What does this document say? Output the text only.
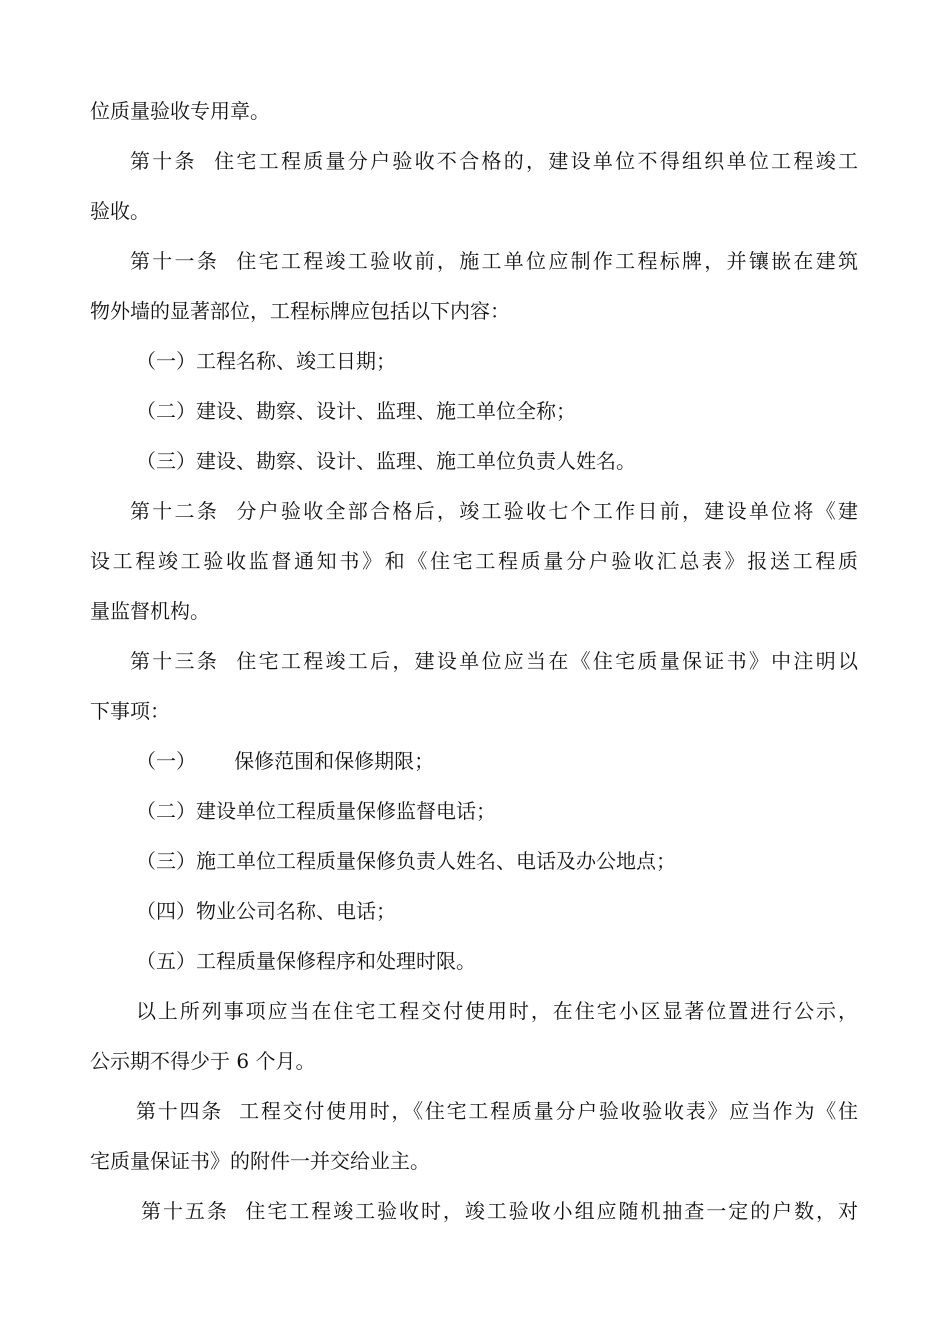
位质量验收专用章。
第十条  住宅工程质量分户验收不合格的，建设单位不得组织单位工程竣工
验收。
第十一条  住宅工程竣工验收前，施工单位应制作工程标牌，并镶嵌在建筑
物外墙的显著部位，工程标牌应包括以下内容：
（一）工程名称、竣工日期；
（二）建设、勘察、设计、监理、施工单位全称；
（三）建设、勘察、设计、监理、施工单位负责人姓名。
第十二条  分户验收全部合格后，竣工验收七个工作日前，建设单位将《建
设工程竣工验收监督通知书》和《住宅工程质量分户验收汇总表》报送工程质
量监督机构。
第十三条  住宅工程竣工后，建设单位应当在《住宅质量保证书》中注明以
下事项：
（一）      保修范围和保修期限；
（二）建设单位工程质量保修监督电话；
（三）施工单位工程质量保修负责人姓名、电话及办公地点；
（四）物业公司名称、电话；
（五）工程质量保修程序和处理时限。
以上所列事项应当在住宅工程交付使用时，在住宅小区显著位置进行公示，
公示期不得少于 6 个月。
第十四条  工程交付使用时，《住宅工程质量分户验收验收表》应当作为《住
宅质量保证书》的附件一并交给业主。
第十五条  住宅工程竣工验收时，竣工验收小组应随机抽查一定的户数，对
